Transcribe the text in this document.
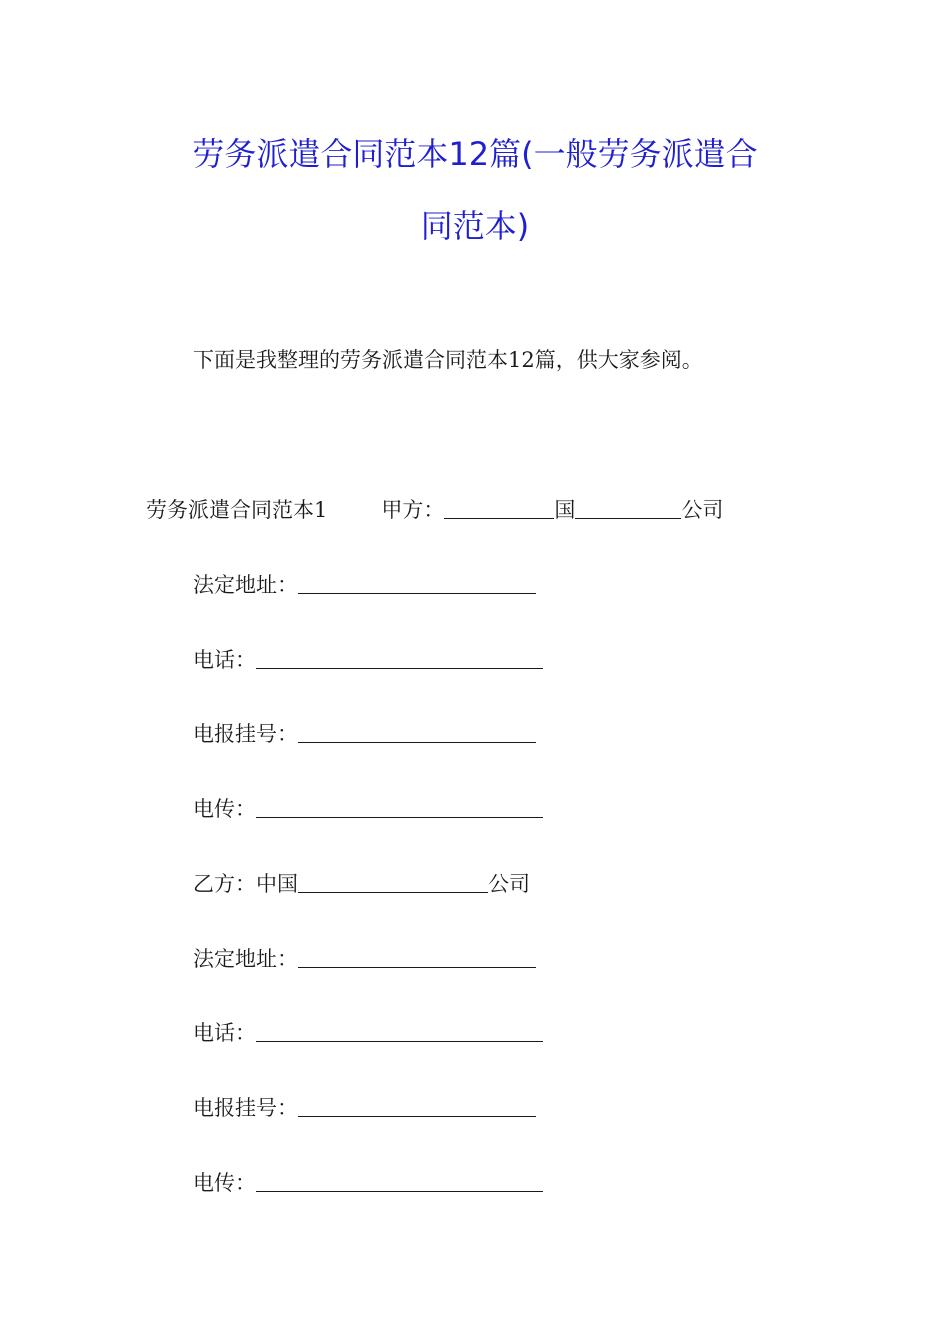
劳务派遣合同范本12篇(一般劳务派遣合
同范本)
下面是我整理的劳务派遣合同范本12篇，供大家参阅。
劳务派遣合同范本1	甲方：	国	公司
法定地址：
电话：
电报挂号：
电传：
乙方：中国	公司
法定地址：
电话：
电报挂号：
电传：
